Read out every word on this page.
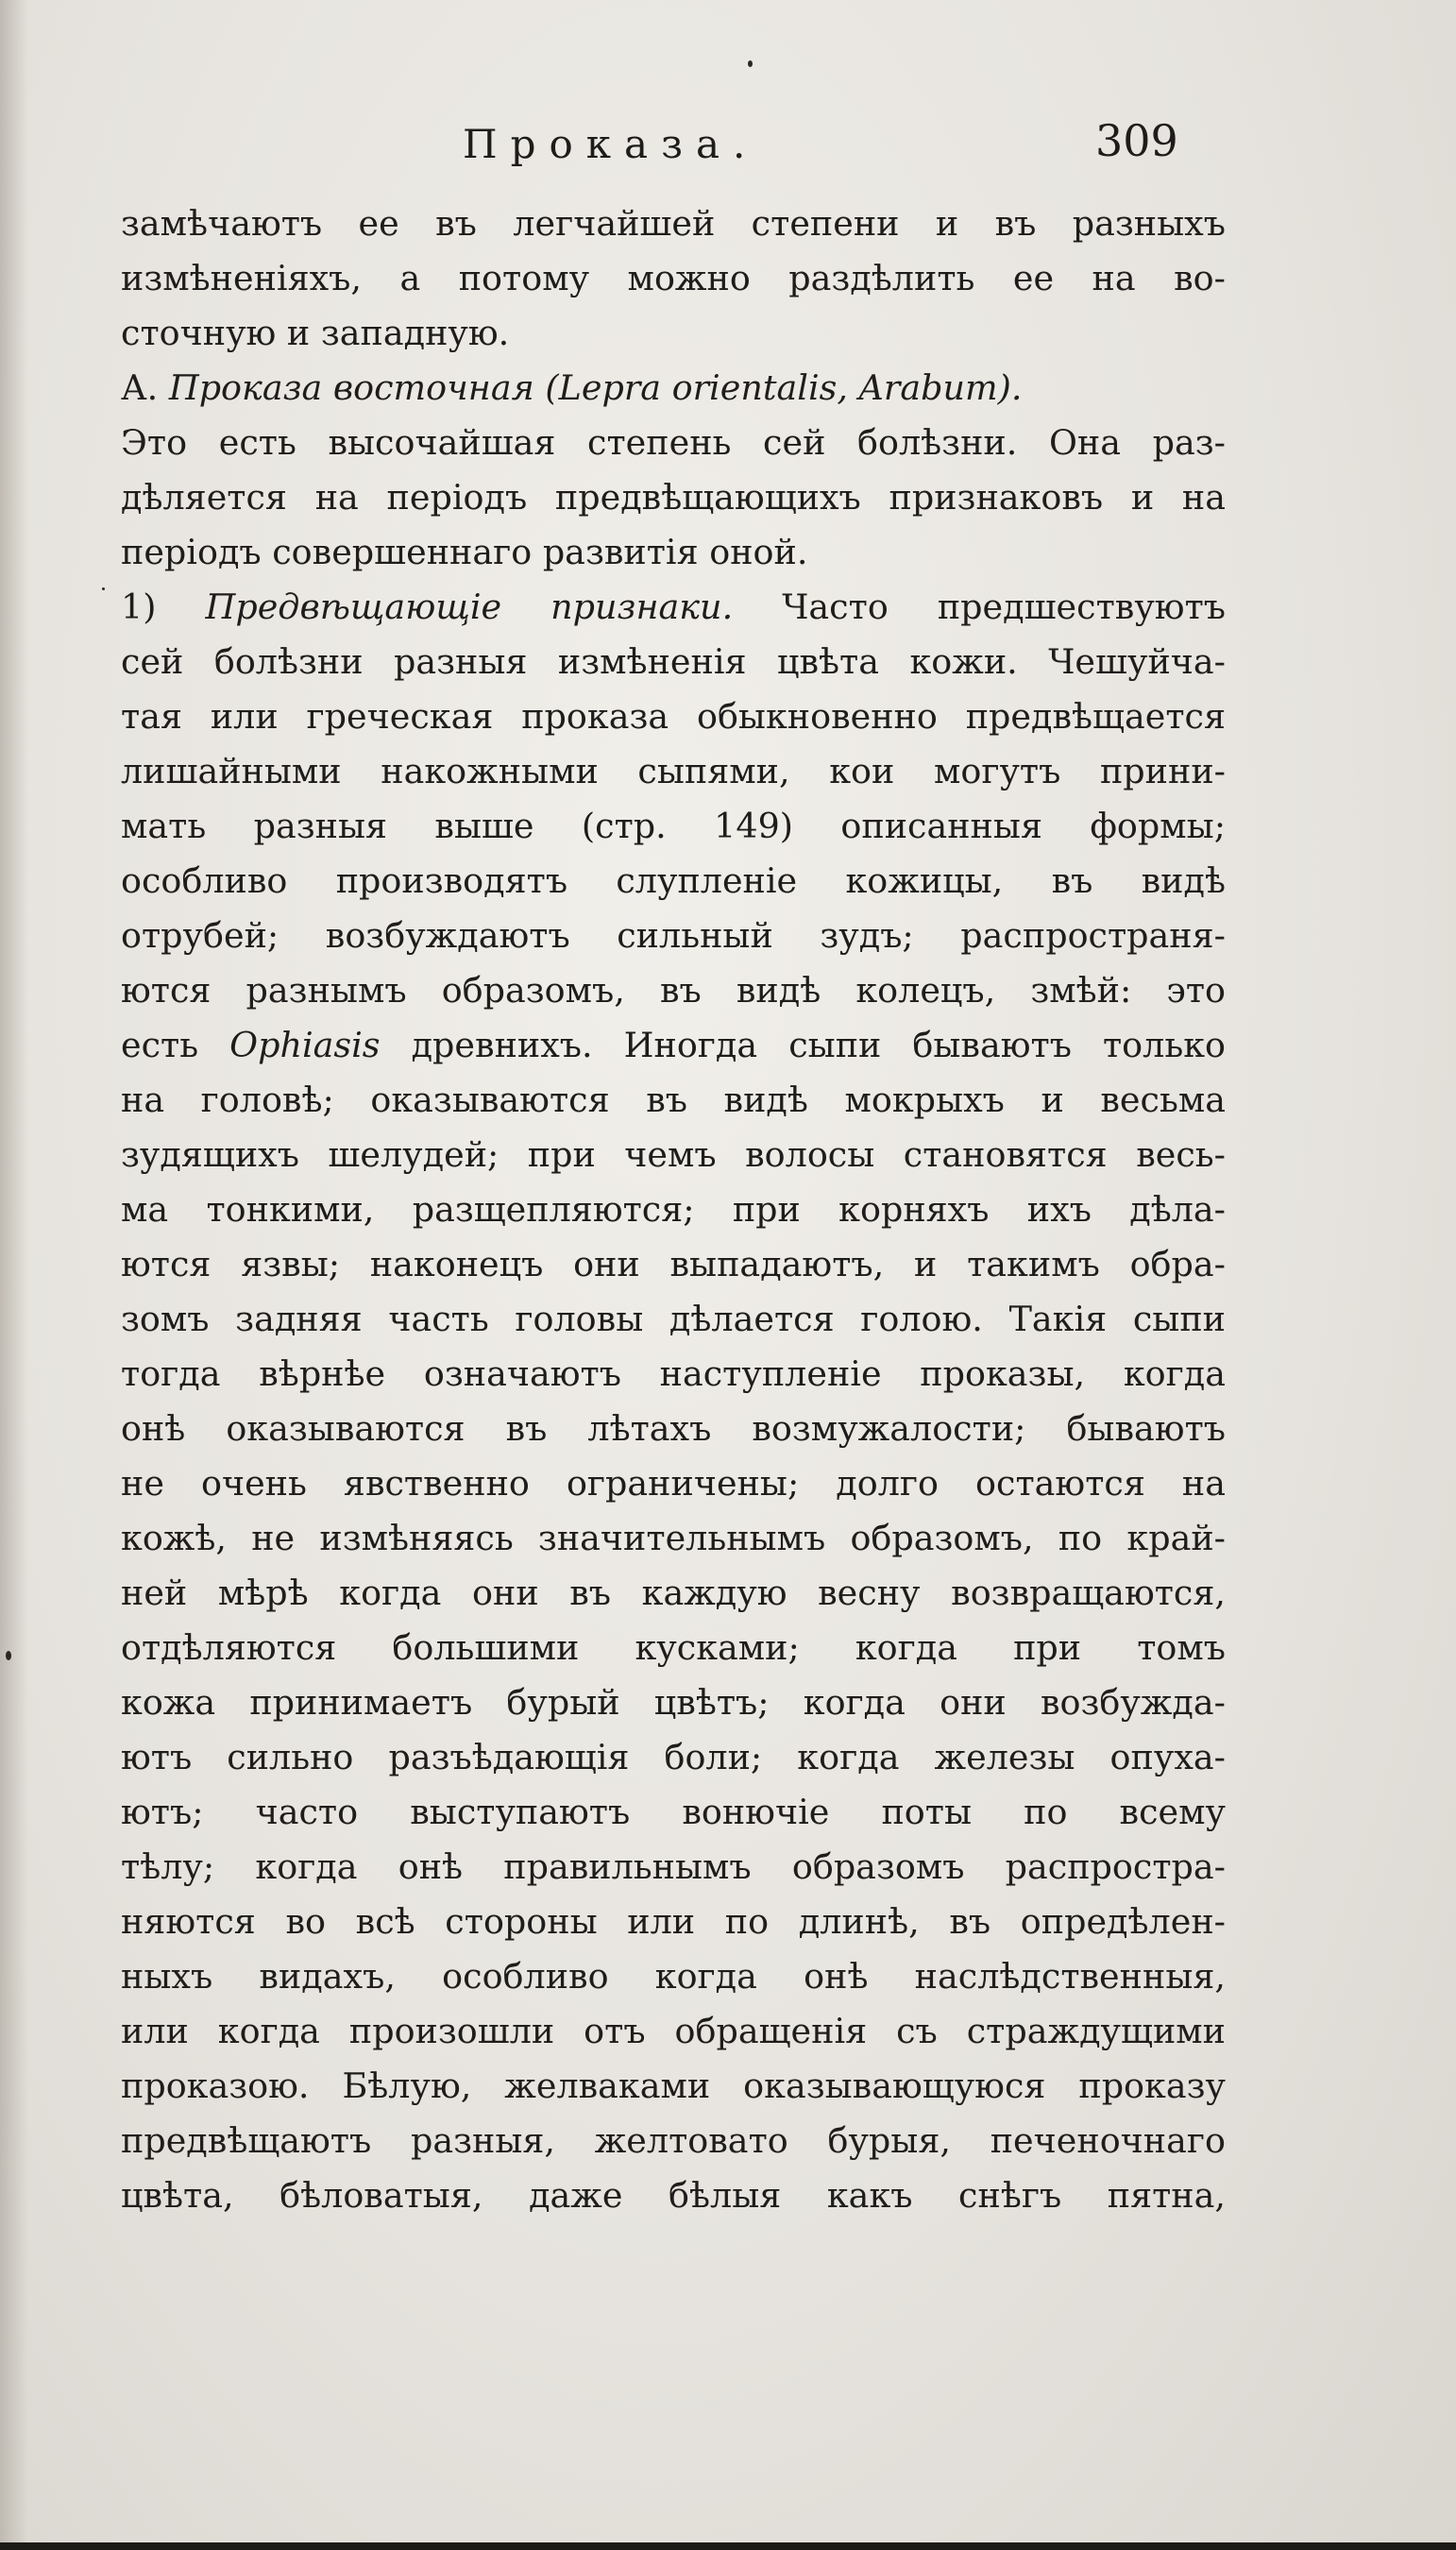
Проказа.	309
замѣчаютъ ее въ легчайшей степени и въ разныхъ
измѣненіяхъ, а потому можно раздѣлить ее на во-
сточную и западную.
А. Проказа восточная (Lepra orientalis, Arabum).
Это есть высочайшая степень сей болѣзни. Она раз-
дѣляется на періодъ предвѣщающихъ признаковъ и на
періодъ совершеннаго развитія оной.
1) Предвѣщающіе признаки. Часто предшествуютъ
сей болѣзни разныя измѣненія цвѣта кожи. Чешуйча-
тая или греческая проказа обыкновенно предвѣщается
лишайными накожными сыпями, кои могутъ прини-
мать разныя выше (стр. 149) описанныя формы;
особливо производятъ слупленіе кожицы, въ видѣ
отрубей; возбуждаютъ сильный зудъ; распространя-
ются разнымъ образомъ, въ видѣ колецъ, змѣй: это
есть Ophiasis древнихъ. Иногда сыпи бываютъ только
на головѣ; оказываются въ видѣ мокрыхъ и весьма
зудящихъ шелудей; при чемъ волосы становятся весь-
ма тонкими, разщепляются; при корняхъ ихъ дѣла-
ются язвы; наконецъ они выпадаютъ, и такимъ обра-
зомъ задняя часть головы дѣлается голою. Такія сыпи
тогда вѣрнѣе означаютъ наступленіе проказы, когда
онѣ оказываются въ лѣтахъ возмужалости; бываютъ
не очень явственно ограничены; долго остаются на
кожѣ, не измѣняясь значительнымъ образомъ, по край-
ней мѣрѣ когда они въ каждую весну возвращаются,
отдѣляются большими кусками; когда при томъ
кожа принимаетъ бурый цвѣтъ; когда они возбужда-
ютъ сильно разъѣдающія боли; когда железы опуха-
ютъ; часто выступаютъ вонючіе поты по всему
тѣлу; когда онѣ правильнымъ образомъ распростра-
няются во всѣ стороны или по длинѣ, въ опредѣлен-
ныхъ видахъ, особливо когда онѣ наслѣдственныя,
или когда произошли отъ обращенія съ страждущими
проказою. Бѣлую, желваками оказывающуюся проказу
предвѣщаютъ разныя, желтовато бурыя, печеночнаго
цвѣта, бѣловатыя, даже бѣлыя какъ снѣгъ пятна,
